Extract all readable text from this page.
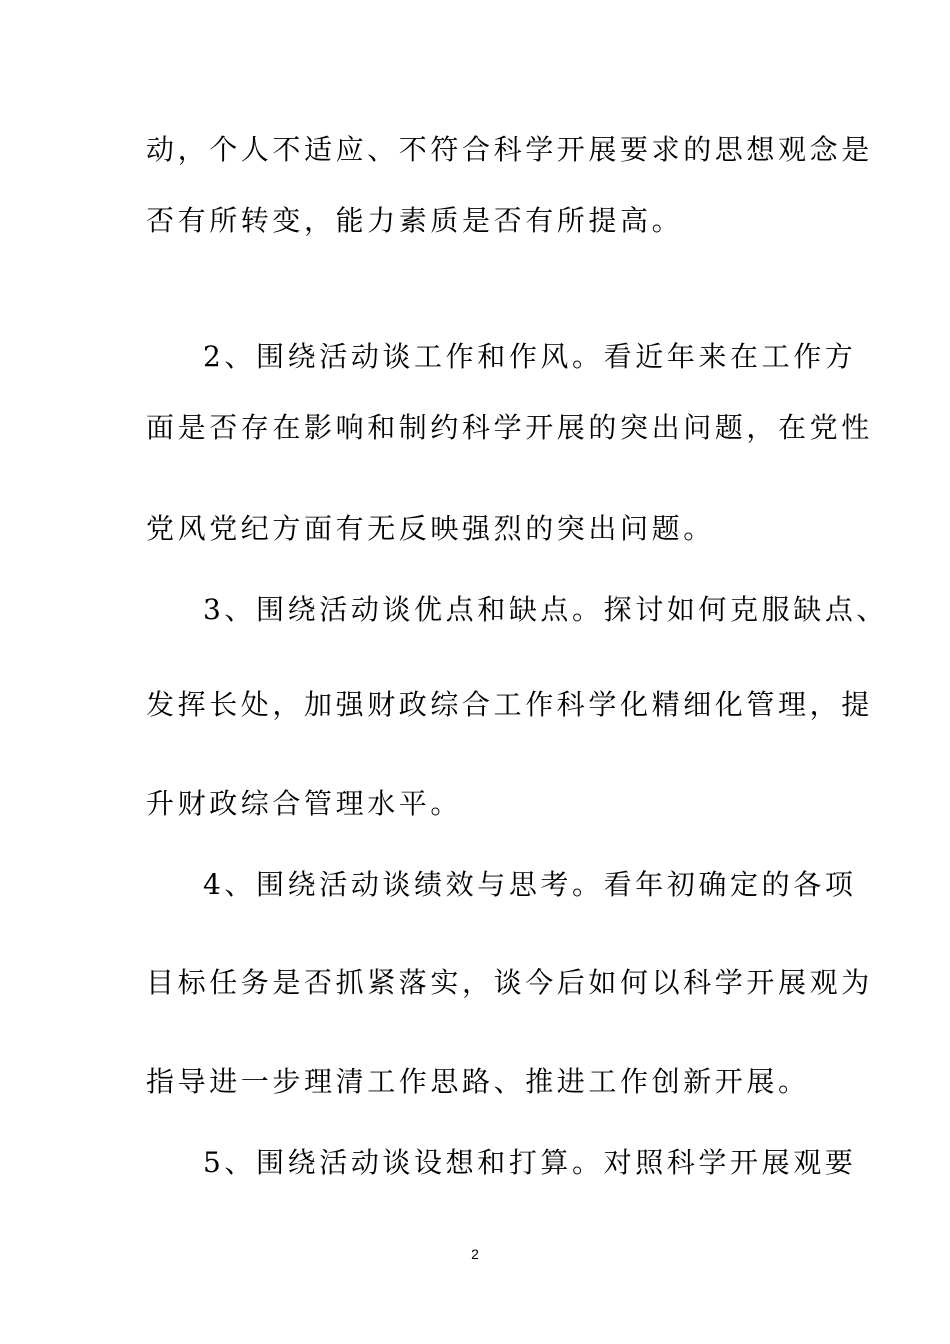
动，个人不适应、不符合科学开展要求的思想观念是
否有所转变，能力素质是否有所提高。
2、围绕活动谈工作和作风。看近年来在工作方
面是否存在影响和制约科学开展的突出问题，在党性
党风党纪方面有无反映强烈的突出问题。
3、围绕活动谈优点和缺点。探讨如何克服缺点、
发挥长处，加强财政综合工作科学化精细化管理，提
升财政综合管理水平。
4、围绕活动谈绩效与思考。看年初确定的各项
目标任务是否抓紧落实，谈今后如何以科学开展观为
指导进一步理清工作思路、推进工作创新开展。
5、围绕活动谈设想和打算。对照科学开展观要
2
